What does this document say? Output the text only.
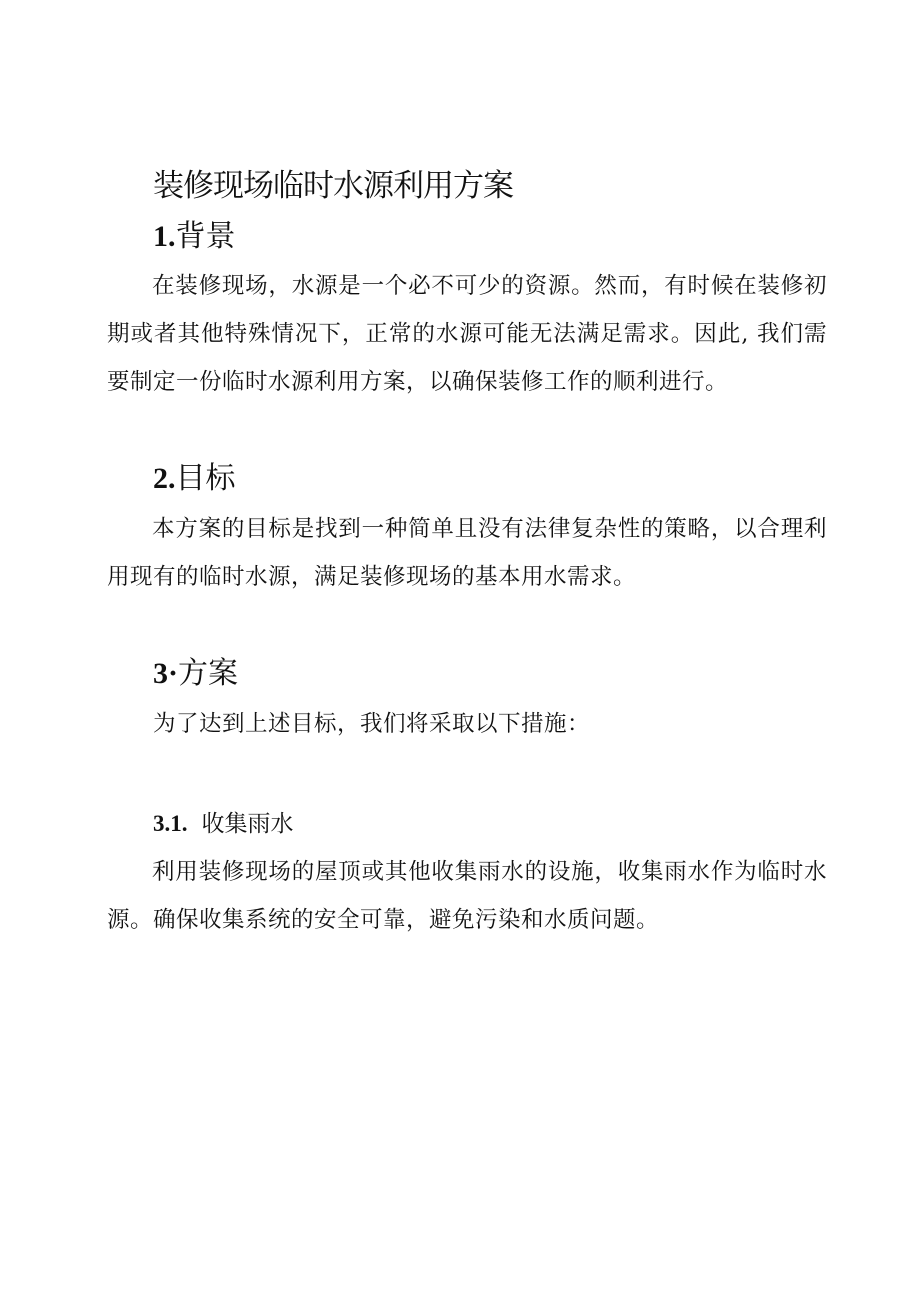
装修现场临时水源利用方案
1.背景

在装修现场，水源是一个必不可少的资源。然而，有时候在装修初期或者其他特殊情况下，正常的水源可能无法满足需求。因此, 我们需要制定一份临时水源利用方案，以确保装修工作的顺利进行。

2.目标

本方案的目标是找到一种简单且没有法律复杂性的策略，以合理利用现有的临时水源，满足装修现场的基本用水需求。

3·方案

为了达到上述目标，我们将采取以下措施：

3.1. 收集雨水

利用装修现场的屋顶或其他收集雨水的设施，收集雨水作为临时水源。确保收集系统的安全可靠，避免污染和水质问题。
